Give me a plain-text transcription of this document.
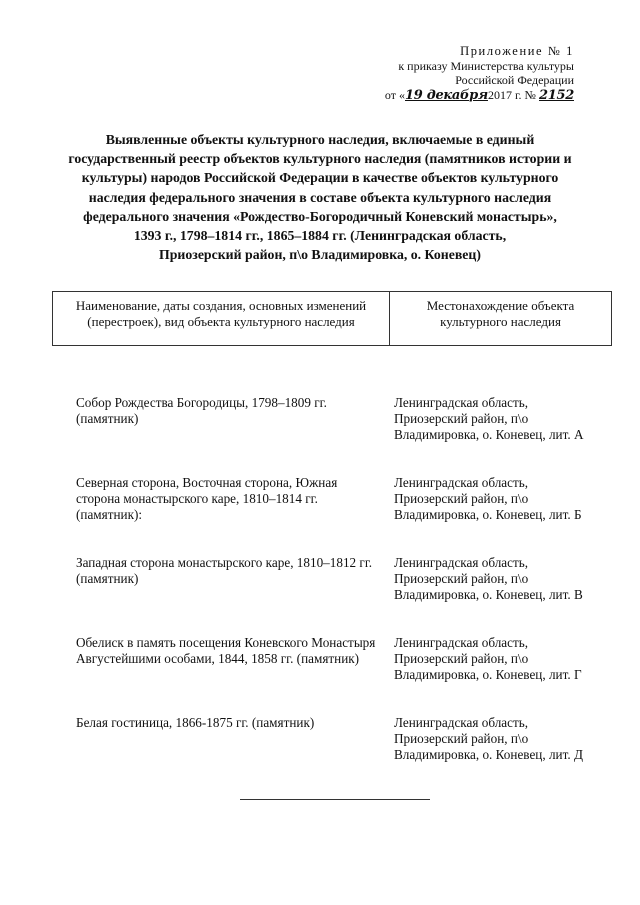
Приложение № 1
к приказу Министерства культуры
Российской Федерации
от «19 декабря2017 г. № 2152
Выявленные объекты культурного наследия, включаемые в единый
государственный реестр объектов культурного наследия (памятников истории и
культуры) народов Российской Федерации в качестве объектов культурного
наследия федерального значения в составе объекта культурного наследия
федерального значения «Рождество-Богородичный Коневский монастырь»,
1393 г., 1798–1814 гг., 1865–1884 гг. (Ленинградская область,
Приозерский район, п\о Владимировка, о. Коневец)
Наименование, даты создания, основных изменений (перестроек), вид объекта культурного наследия
Местонахождение объекта культурного наследия
Собор Рождества Богородицы, 1798–1809 гг. (памятник)
Ленинградская область, Приозерский район, п\о Владимировка, о. Коневец, лит. А
Северная сторона, Восточная сторона, Южная сторона монастырского каре, 1810–1814 гг. (памятник):
Ленинградская область, Приозерский район, п\о Владимировка, о. Коневец, лит. Б
Западная сторона монастырского каре, 1810–1812 гг. (памятник)
Ленинградская область, Приозерский район, п\о Владимировка, о. Коневец, лит. В
Обелиск в память посещения Коневского Монастыря Августейшими особами, 1844, 1858 гг. (памятник)
Ленинградская область, Приозерский район, п\о Владимировка, о. Коневец, лит. Г
Белая гостиница, 1866-1875 гг. (памятник)	Ленинградская область, Приозерский район, п\о Владимировка, о. Коневец, лит. Д
